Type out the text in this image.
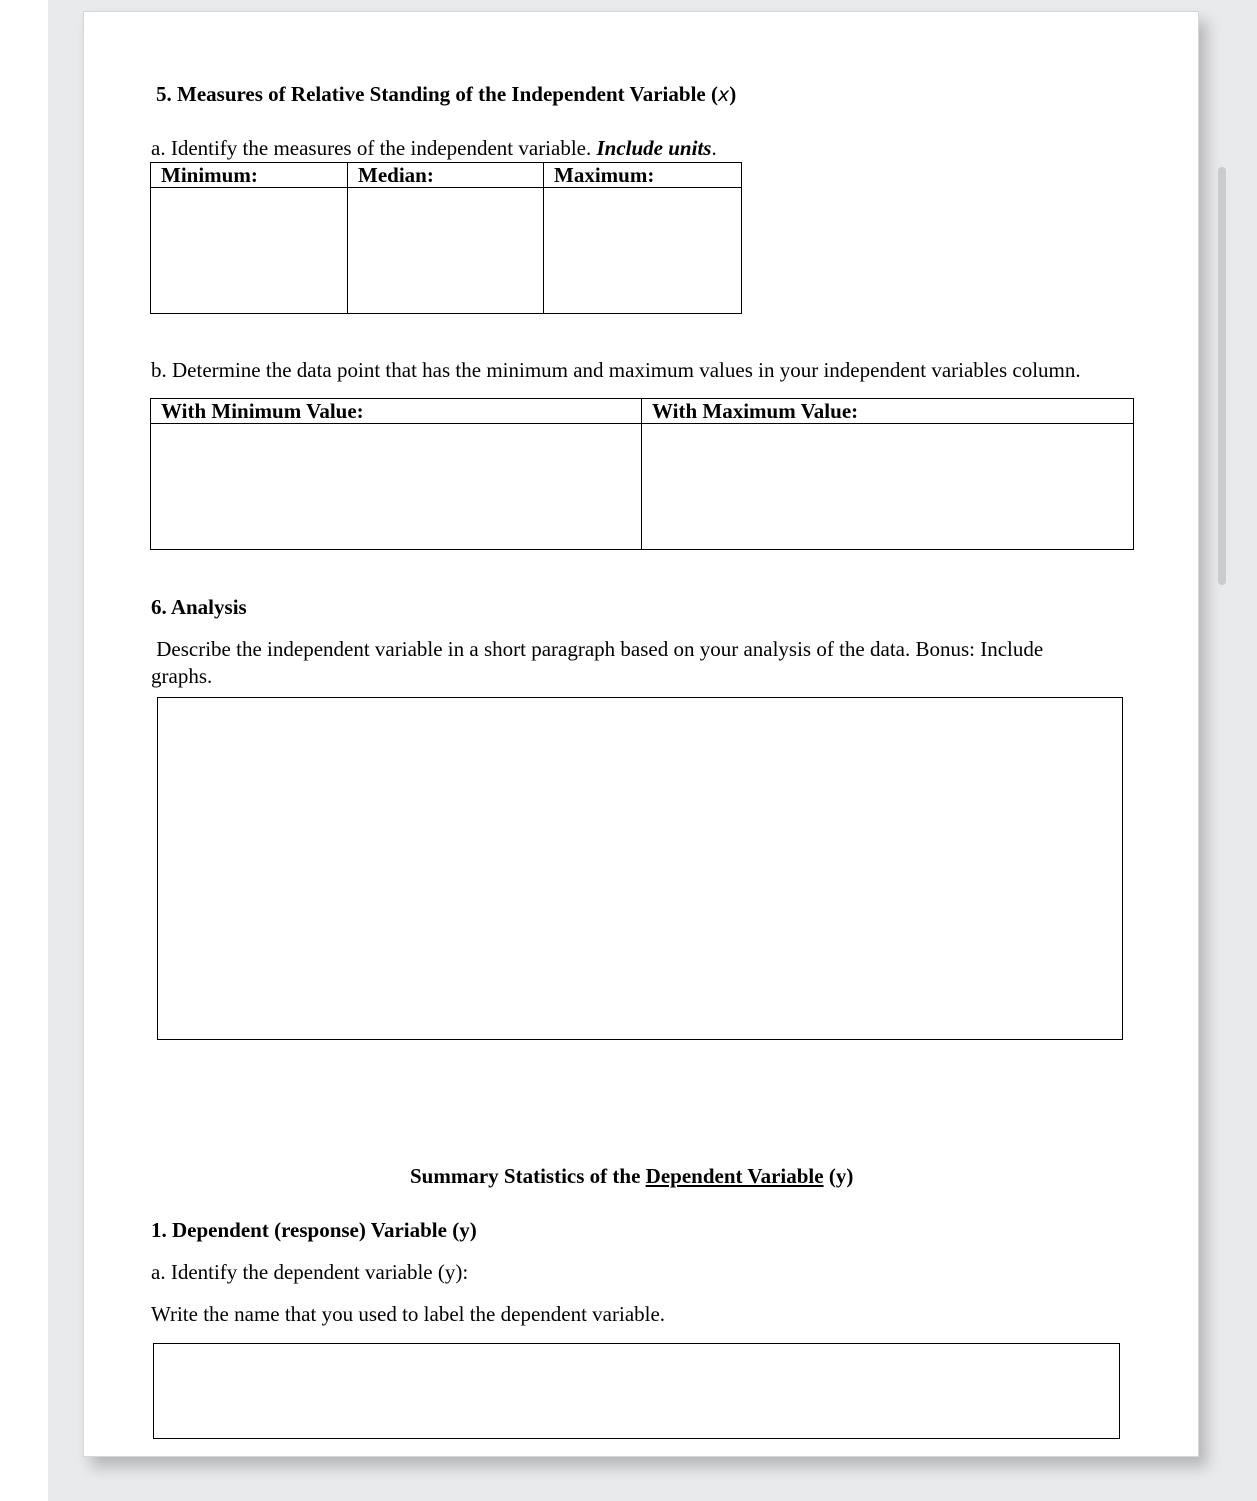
5. Measures of Relative Standing of the Independent Variable (x)
a. Identify the measures of the independent variable. Include units.
Minimum:	Median:	Maximum:

b. Determine the data point that has the minimum and maximum values in your independent variables column.
With Minimum Value:	With Maximum Value:

6. Analysis
Describe the independent variable in a short paragraph based on your analysis of the data. Bonus: Include
graphs.
Summary Statistics of the Dependent Variable (y)
1. Dependent (response) Variable (y)
a. Identify the dependent variable (y):
Write the name that you used to label the dependent variable.
